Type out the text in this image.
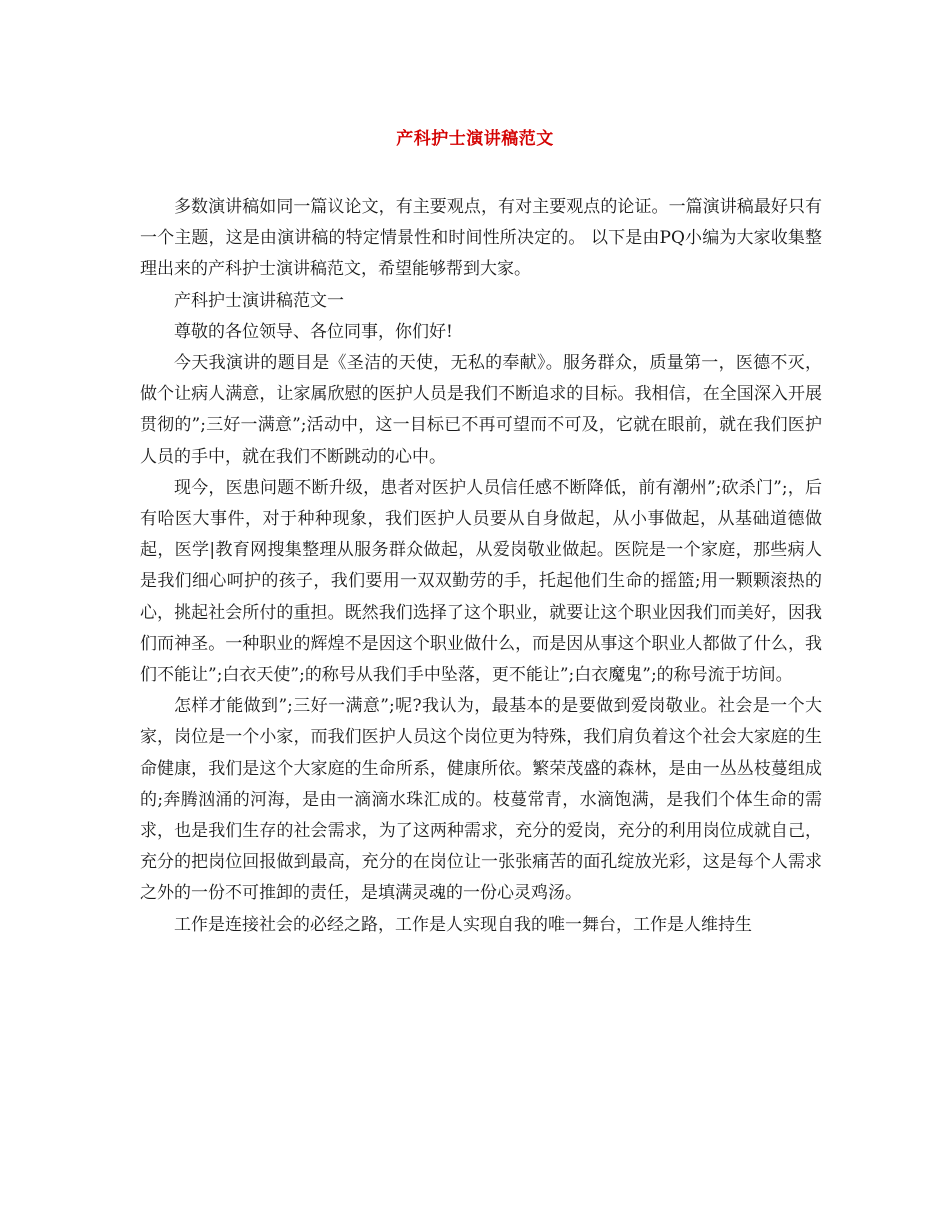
产科护士演讲稿范文

多数演讲稿如同一篇议论文，有主要观点，有对主要观点的论证。一篇演讲稿最好只有一个主题，这是由演讲稿的特定情景性和时间性所决定的。 以下是由PQ小编为大家收集整理出来的产科护士演讲稿范文，希望能够帮到大家。

产科护士演讲稿范文一

尊敬的各位领导、各位同事，你们好!

今天我演讲的题目是《圣洁的天使，无私的奉献》。服务群众，质量第一，医德不灭，做个让病人满意，让家属欣慰的医护人员是我们不断追求的目标。我相信，在全国深入开展贯彻的”;三好一满意”;活动中，这一目标已不再可望而不可及，它就在眼前，就在我们医护人员的手中，就在我们不断跳动的心中。

现今，医患问题不断升级，患者对医护人员信任感不断降低，前有潮州”;砍杀门”;，后有哈医大事件，对于种种现象，我们医护人员要从自身做起，从小事做起，从基础道德做起，医学|教育网搜集整理从服务群众做起，从爱岗敬业做起。医院是一个家庭，那些病人是我们细心呵护的孩子，我们要用一双双勤劳的手，托起他们生命的摇篮;用一颗颗滚热的心，挑起社会所付的重担。既然我们选择了这个职业，就要让这个职业因我们而美好，因我们而神圣。一种职业的辉煌不是因这个职业做什么，而是因从事这个职业人都做了什么，我们不能让”;白衣天使”;的称号从我们手中坠落，更不能让”;白衣魔鬼”;的称号流于坊间。

怎样才能做到”;三好一满意”;呢?我认为，最基本的是要做到爱岗敬业。社会是一个大家，岗位是一个小家，而我们医护人员这个岗位更为特殊，我们肩负着这个社会大家庭的生命健康，我们是这个大家庭的生命所系，健康所依。繁荣茂盛的森林，是由一丛丛枝蔓组成的;奔腾汹涌的河海，是由一滴滴水珠汇成的。枝蔓常青，水滴饱满，是我们个体生命的需求，也是我们生存的社会需求，为了这两种需求，充分的爱岗，充分的利用岗位成就自己，充分的把岗位回报做到最高，充分的在岗位让一张张痛苦的面孔绽放光彩，这是每个人需求之外的一份不可推卸的责任，是填满灵魂的一份心灵鸡汤。

工作是连接社会的必经之路，工作是人实现自我的唯一舞台，工作是人维持生
